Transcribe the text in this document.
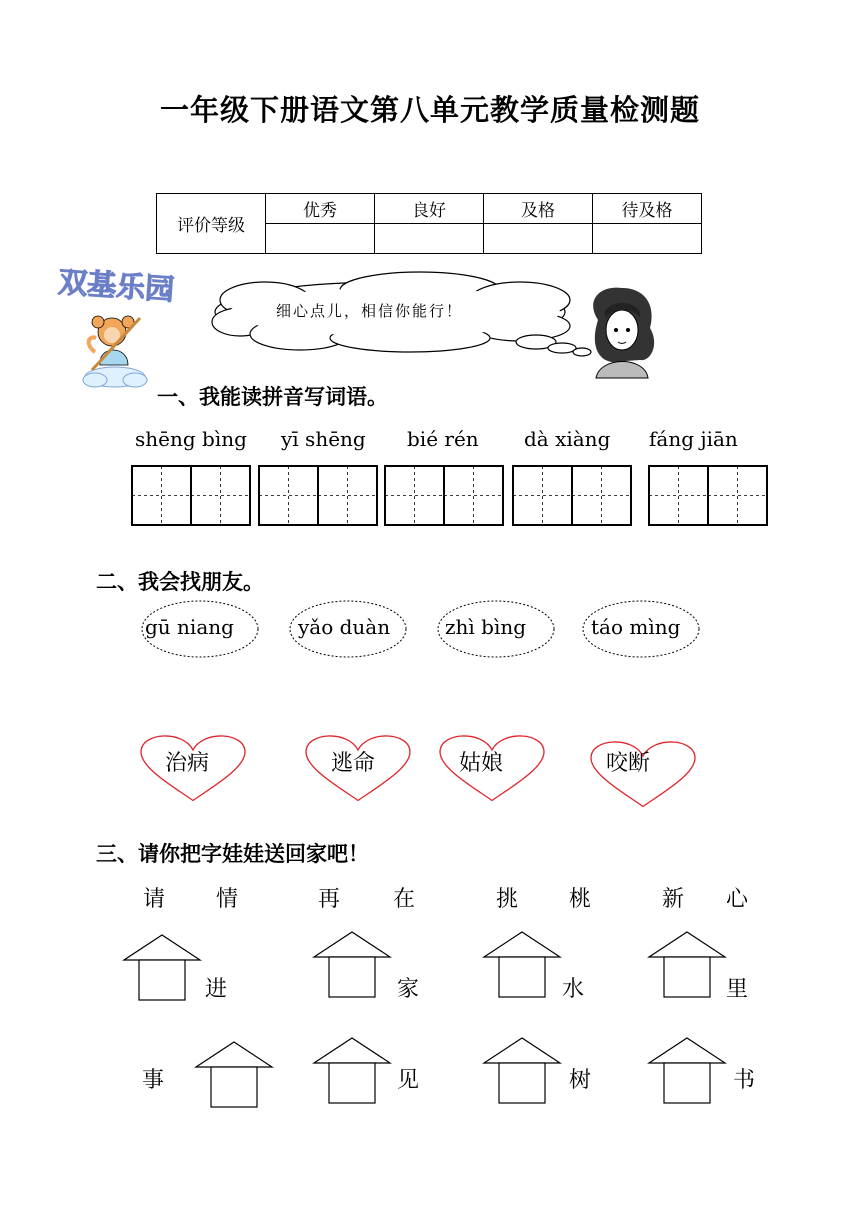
一年级下册语文第八单元教学质量检测题
评价等级	优秀	良好	及格	待及格

双基乐园
细心点儿，相信你能行！
一、我能读拼音写词语。
shēng bìng yī shēng bié rén dà xiàng fáng jiān
二、我会找朋友。
gū niang	yǎo duàn	zhì bìng	táo mìng
治病	逃命	姑娘	咬断
三、请你把字娃娃送回家吧！
请 情	再 在	挑 桃	新 心
进	家	水	里
事	见	树	书
